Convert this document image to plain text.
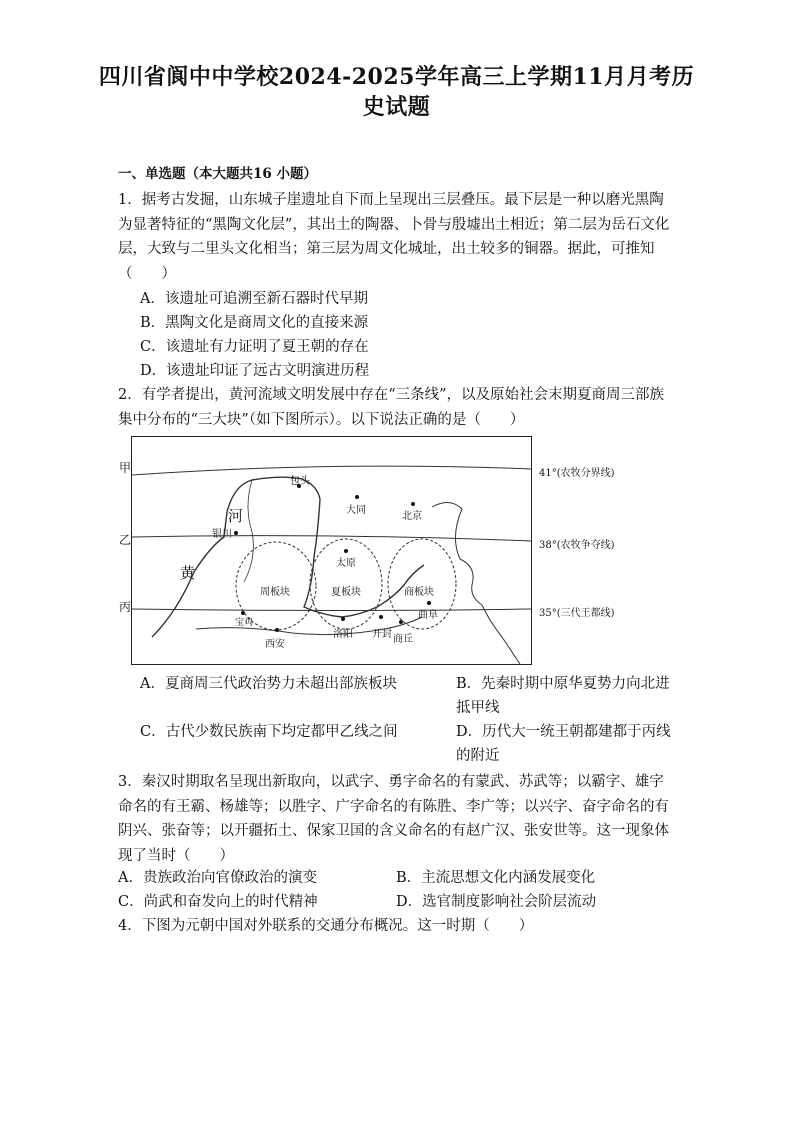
四川省阆中中学校2024-2025学年高三上学期11月月考历
史试题
一、单选题（本大题共16 小题）
1．据考古发掘，山东城子崖遗址自下而上呈现出三层叠压。最下层是一种以磨光黑陶为显著特征的“黑陶文化层”，其出土的陶器、卜骨与殷墟出土相近；第二层为岳石文化层，大致与二里头文化相当；第三层为周文化城址，出土较多的铜器。据此，可推知（　　）
A．该遗址可追溯至新石器时代早期
B．黑陶文化是商周文化的直接来源
C．该遗址有力证明了夏王朝的存在
D．该遗址印证了远古文明演进历程
2．有学者提出，黄河流域文明发展中存在“三条线”，以及原始社会末期夏商周三部族集中分布的“三大块”（如下图所示）。以下说法正确的是（　　）
甲
乙
丙
河
黄
包头
大同
北京
银川
太原
曲阜
宝鸡
西安
洛阳 开封 商丘
周板块	夏板块	商板块
41°(农牧分界线)
38°(农牧争夺线)
35°(三代王都线)
A．夏商周三代政治势力未超出部族板块	B．先秦时期中原华夏势力向北进抵甲线
C．古代少数民族南下均定都甲乙线之间	D．历代大一统王朝都建都于丙线的附近
3．秦汉时期取名呈现出新取向，以武字、勇字命名的有蒙武、苏武等；以霸字、雄字命名的有王霸、杨雄等；以胜字、广字命名的有陈胜、李广等；以兴字、奋字命名的有阴兴、张奋等；以开疆拓土、保家卫国的含义命名的有赵广汉、张安世等。这一现象体现了当时（　　）
A．贵族政治向官僚政治的演变	B．主流思想文化内涵发展变化
C．尚武和奋发向上的时代精神	D．选官制度影响社会阶层流动
4．下图为元朝中国对外联系的交通分布概况。这一时期（　　）
